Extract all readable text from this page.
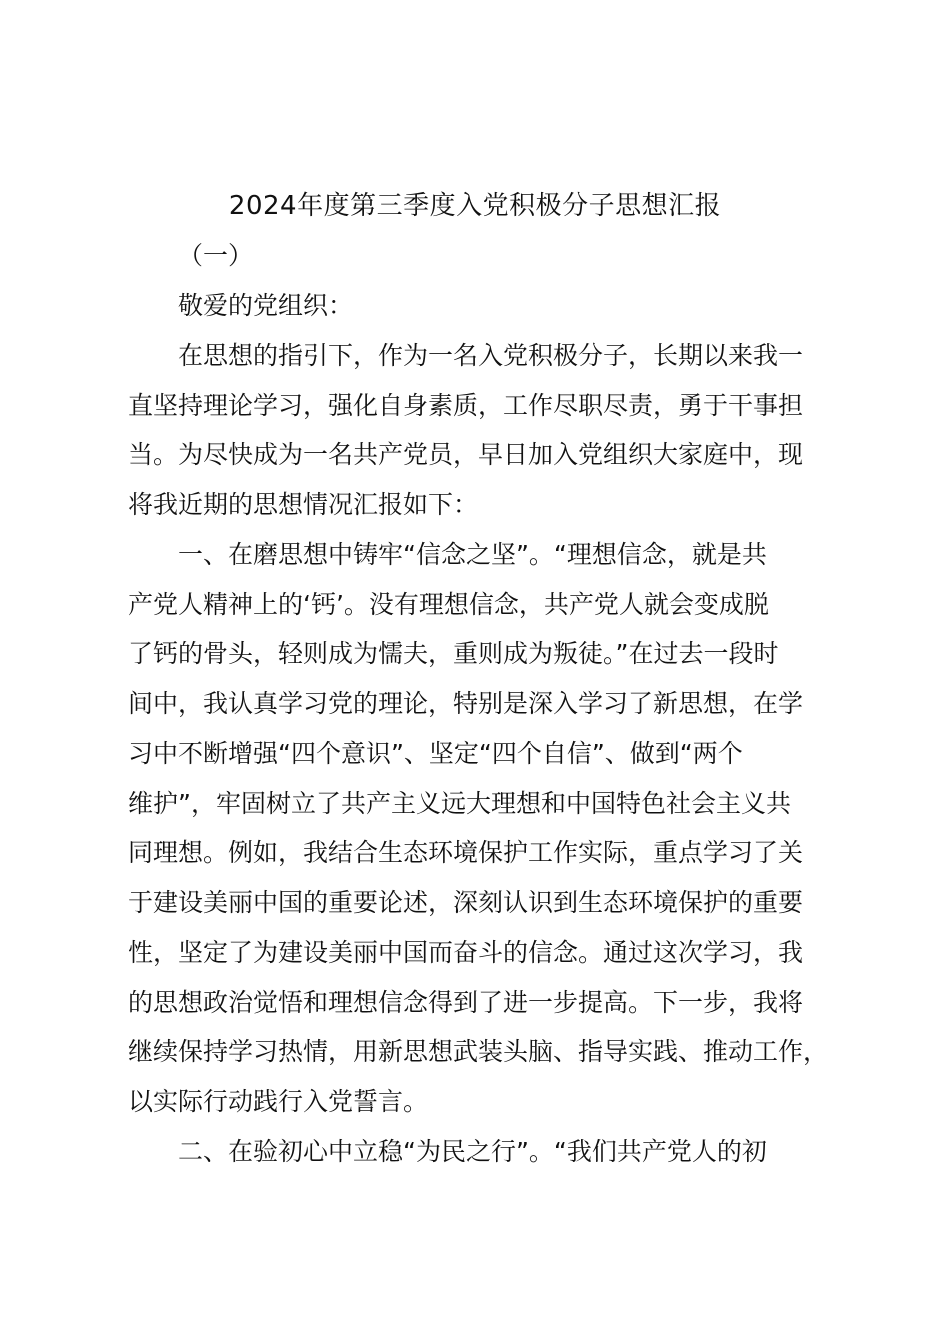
2024年度第三季度入党积极分子思想汇报
（一）
敬爱的党组织：
在思想的指引下，作为一名入党积极分子，长期以来我一
直坚持理论学习，强化自身素质，工作尽职尽责，勇于干事担
当。为尽快成为一名共产党员，早日加入党组织大家庭中，现
将我近期的思想情况汇报如下：
一、在磨思想中铸牢“信念之坚”。“理想信念，就是共
产党人精神上的‘钙’。没有理想信念，共产党人就会变成脱
了钙的骨头，轻则成为懦夫，重则成为叛徒。”在过去一段时
间中，我认真学习党的理论，特别是深入学习了新思想，在学
习中不断增强“四个意识”、坚定“四个自信”、做到“两个
维护”，牢固树立了共产主义远大理想和中国特色社会主义共
同理想。例如，我结合生态环境保护工作实际，重点学习了关
于建设美丽中国的重要论述，深刻认识到生态环境保护的重要
性，坚定了为建设美丽中国而奋斗的信念。通过这次学习，我
的思想政治觉悟和理想信念得到了进一步提高。下一步，我将
继续保持学习热情，用新思想武装头脑、指导实践、推动工作，
以实际行动践行入党誓言。
二、在验初心中立稳“为民之行”。“我们共产党人的初
